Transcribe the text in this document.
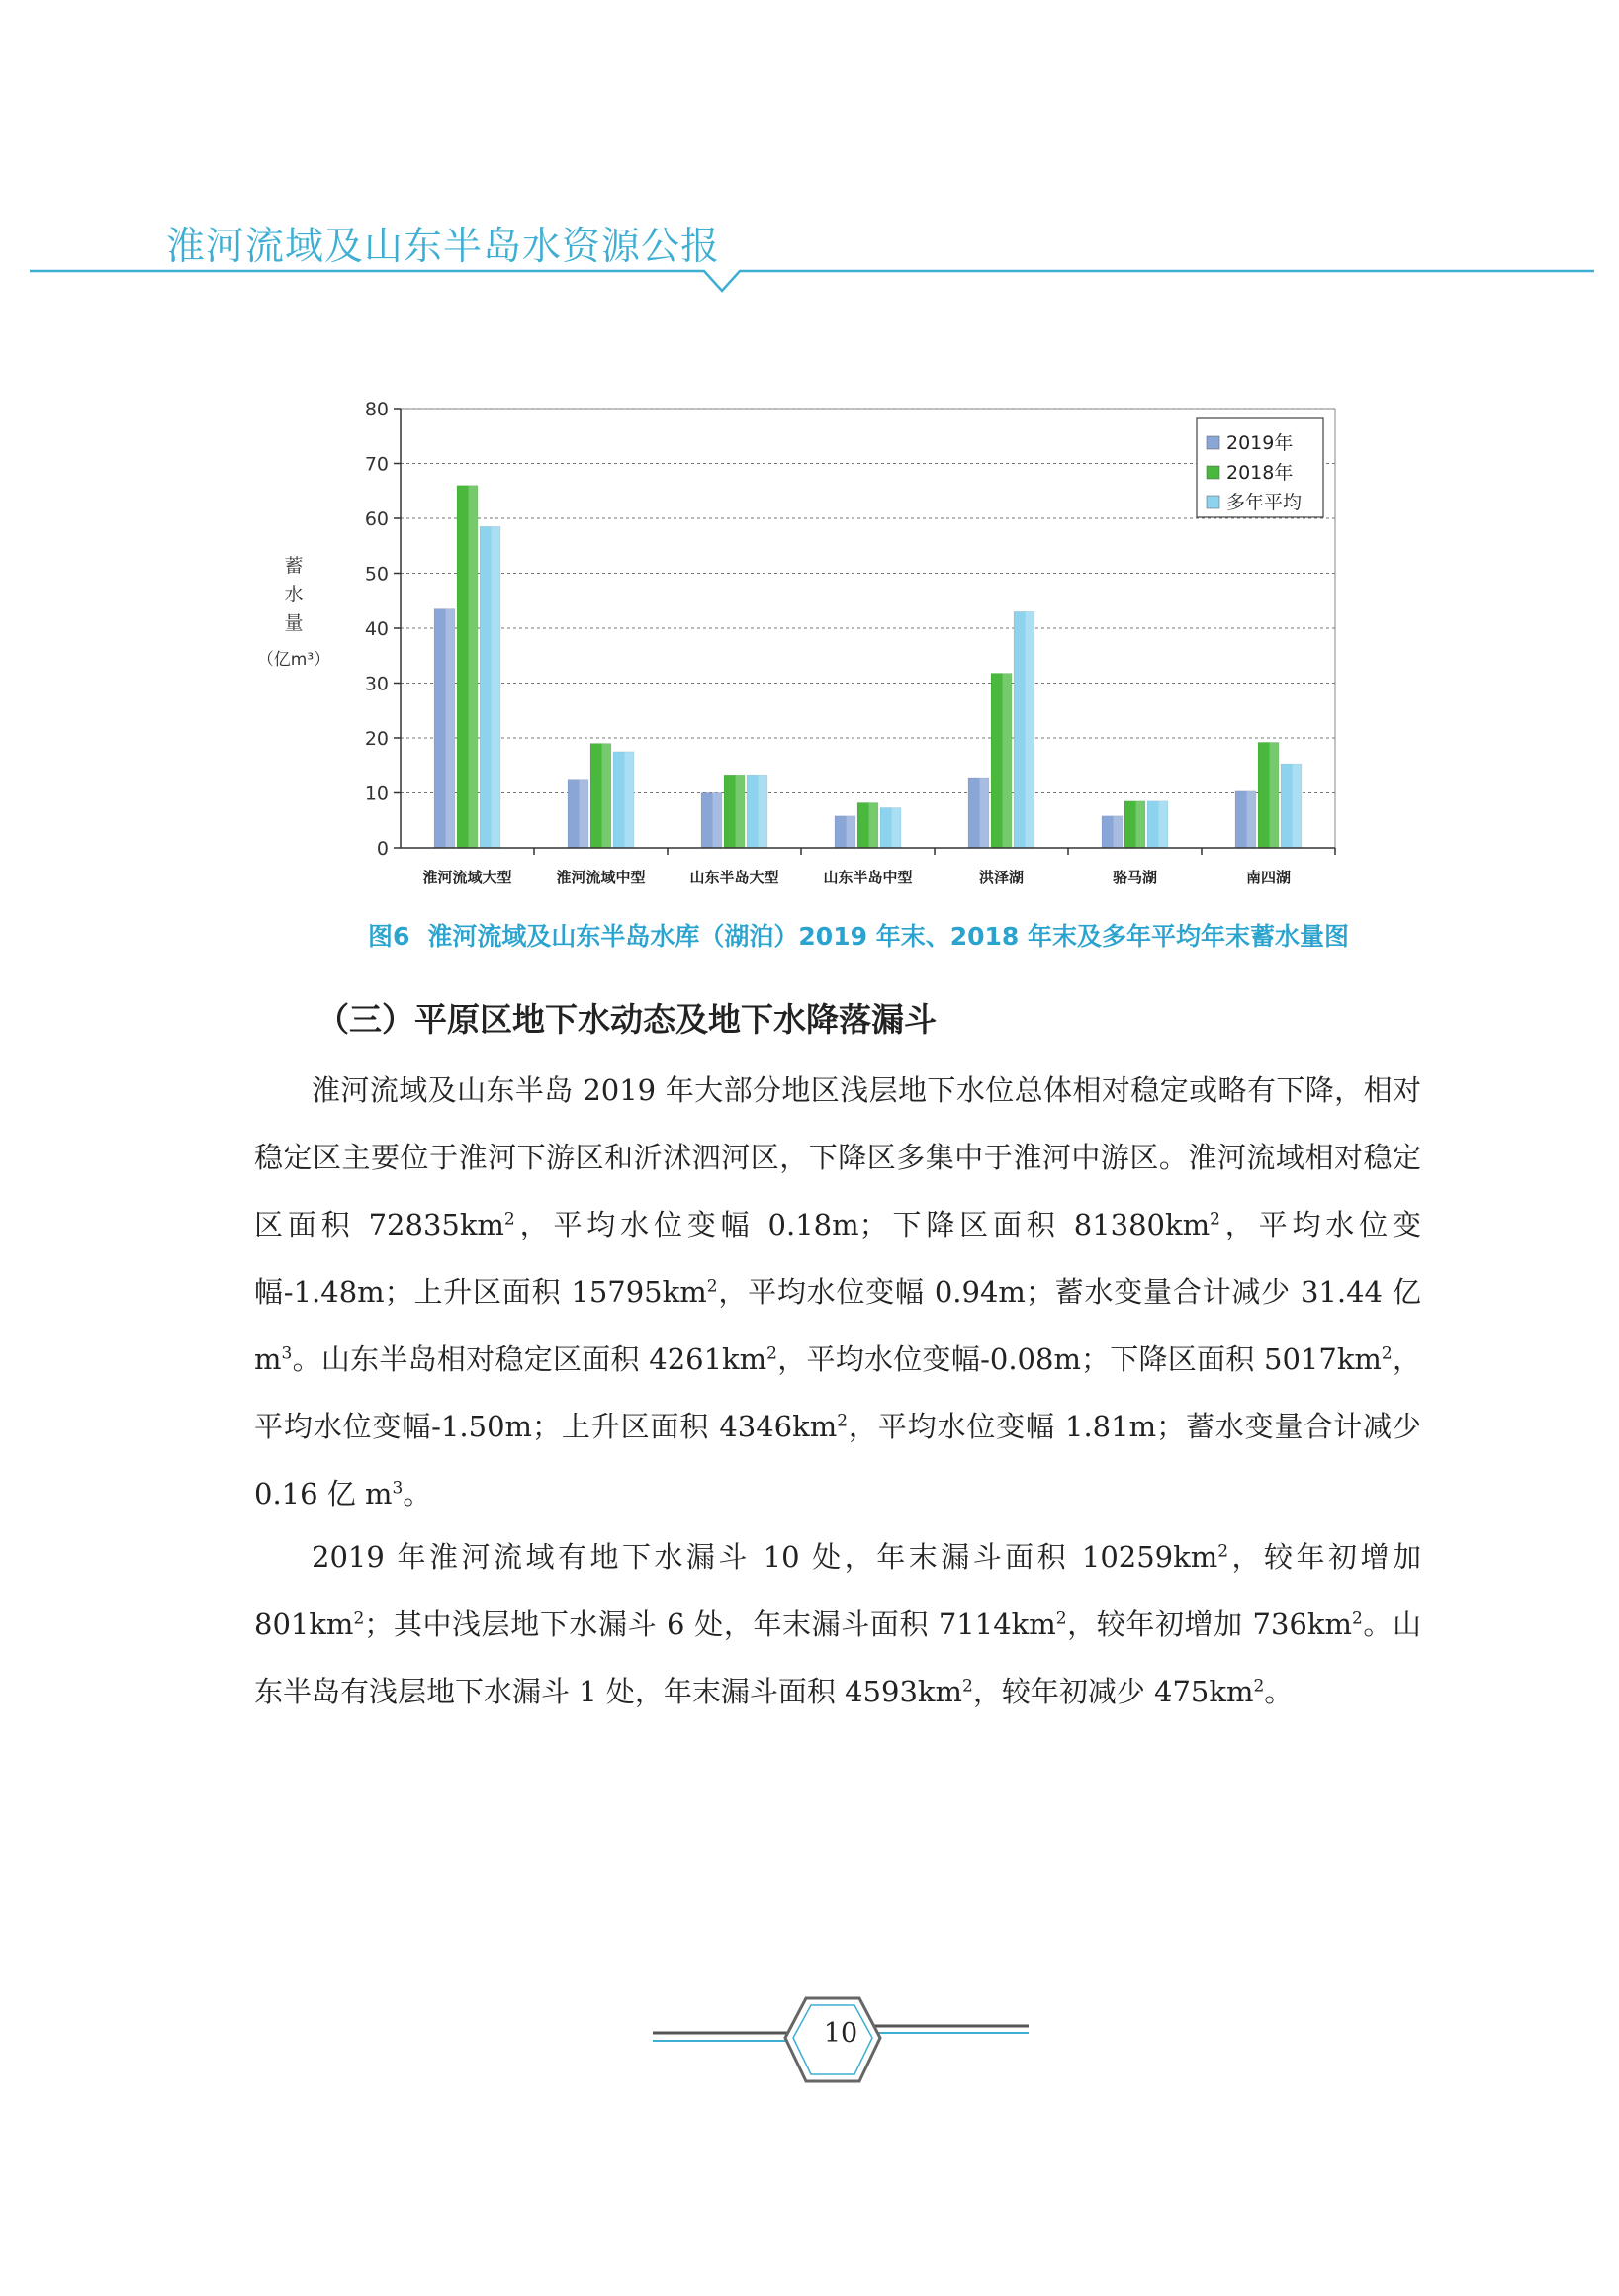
淮河流域及山东半岛水资源公报
蓄
水
量
（亿m³）
0
10
20
30
40
50
60
70
80
淮河流域大型	淮河流域中型	山东半岛大型	山东半岛中型	洪泽湖	骆马湖	南四湖
2019年
2018年
多年平均
图6 淮河流域及山东半岛水库（湖泊）2019 年末、2018 年末及多年平均年末蓄水量图
（三）平原区地下水动态及地下水降落漏斗

淮河流域及山东半岛 2019 年大部分地区浅层地下水位总体相对稳定或略有下降，相对稳定区主要位于淮河下游区和沂沭泗河区，下降区多集中于淮河中游区。淮河流域相对稳定区面积 $72835km^2$，平均水位变幅 0.18m；下降区面积 $81380km^2$，平均水位变幅-1.48m；上升区面积 $15795km^2$，平均水位变幅 0.94m；蓄水变量合计减少 31.44 亿 $m^3$。山东半岛相对稳定区面积 $4261km^2$，平均水位变幅-0.08m；下降区面积 $5017km^2$，平均水位变幅-1.50m；上升区面积 $4346km^2$，平均水位变幅 1.81m；蓄水变量合计减少 0.16 亿 $m^3$。

2019 年淮河流域有地下水漏斗 10 处，年末漏斗面积 $10259km^2$，较年初增加 $801km^2$；其中浅层地下水漏斗 6 处，年末漏斗面积 $7114km^2$，较年初增加 $736km^2$。山东半岛有浅层地下水漏斗 1 处，年末漏斗面积 $4593km^2$，较年初减少 $475km^2$。

10
